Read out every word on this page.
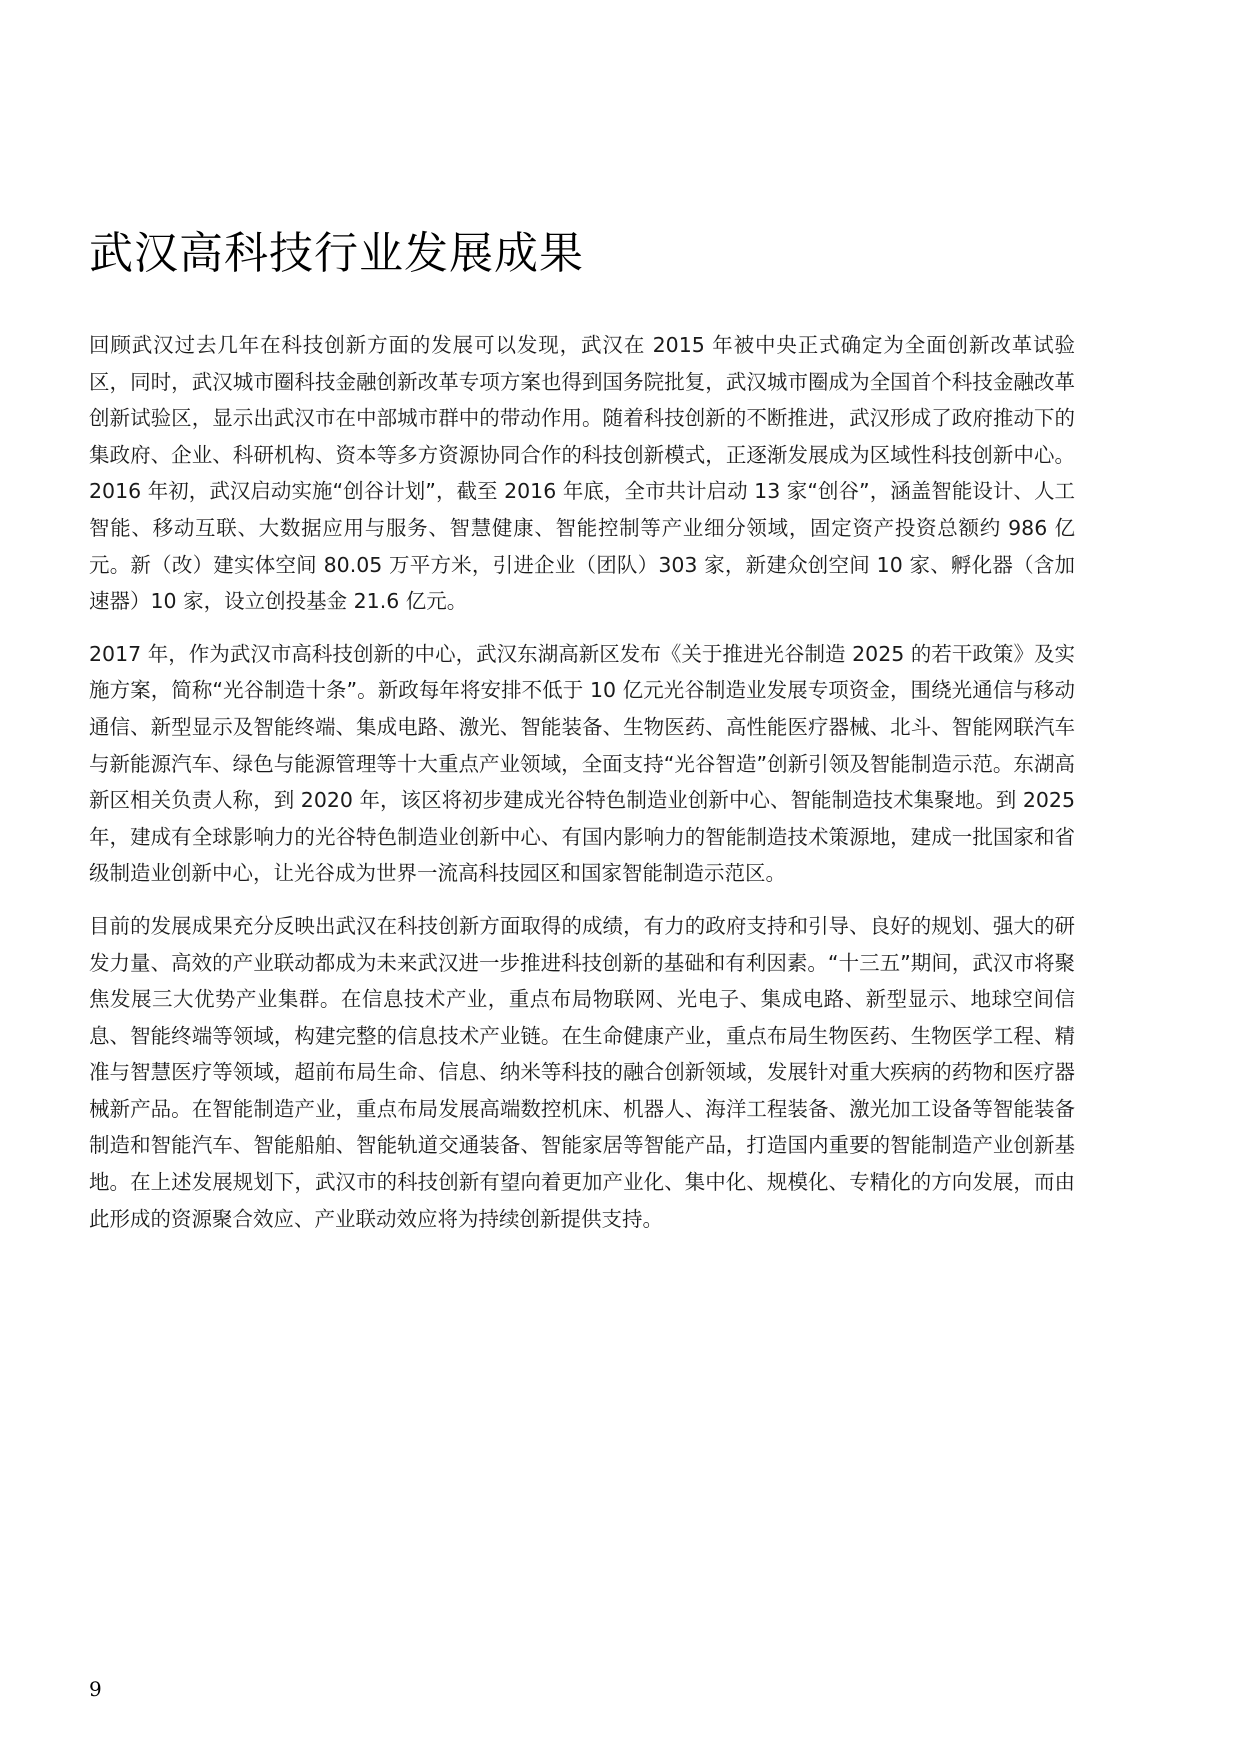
武汉高科技行业发展成果

回顾武汉过去几年在科技创新方面的发展可以发现，武汉在 2015 年被中央正式确定为全面创新改革试验区，同时，武汉城市圈科技金融创新改革专项方案也得到国务院批复，武汉城市圈成为全国首个科技金融改革创新试验区，显示出武汉市在中部城市群中的带动作用。随着科技创新的不断推进，武汉形成了政府推动下的集政府、企业、科研机构、资本等多方资源协同合作的科技创新模式，正逐渐发展成为区域性科技创新中心。2016 年初，武汉启动实施“创谷计划”，截至 2016 年底，全市共计启动 13 家“创谷”，涵盖智能设计、人工智能、移动互联、大数据应用与服务、智慧健康、智能控制等产业细分领域，固定资产投资总额约 986 亿元。新（改）建实体空间 80.05 万平方米，引进企业（团队）303 家，新建众创空间 10 家、孵化器（含加速器）10 家，设立创投基金 21.6 亿元。

2017 年，作为武汉市高科技创新的中心，武汉东湖高新区发布《关于推进光谷制造 2025 的若干政策》及实施方案，简称“光谷制造十条”。新政每年将安排不低于 10 亿元光谷制造业发展专项资金，围绕光通信与移动通信、新型显示及智能终端、集成电路、激光、智能装备、生物医药、高性能医疗器械、北斗、智能网联汽车与新能源汽车、绿色与能源管理等十大重点产业领域，全面支持“光谷智造”创新引领及智能制造示范。东湖高新区相关负责人称，到 2020 年，该区将初步建成光谷特色制造业创新中心、智能制造技术集聚地。到 2025 年，建成有全球影响力的光谷特色制造业创新中心、有国内影响力的智能制造技术策源地，建成一批国家和省级制造业创新中心，让光谷成为世界一流高科技园区和国家智能制造示范区。

目前的发展成果充分反映出武汉在科技创新方面取得的成绩，有力的政府支持和引导、良好的规划、强大的研发力量、高效的产业联动都成为未来武汉进一步推进科技创新的基础和有利因素。“十三五”期间，武汉市将聚焦发展三大优势产业集群。在信息技术产业，重点布局物联网、光电子、集成电路、新型显示、地球空间信息、智能终端等领域，构建完整的信息技术产业链。在生命健康产业，重点布局生物医药、生物医学工程、精准与智慧医疗等领域，超前布局生命、信息、纳米等科技的融合创新领域，发展针对重大疾病的药物和医疗器械新产品。在智能制造产业，重点布局发展高端数控机床、机器人、海洋工程装备、激光加工设备等智能装备制造和智能汽车、智能船舶、智能轨道交通装备、智能家居等智能产品，打造国内重要的智能制造产业创新基地。在上述发展规划下，武汉市的科技创新有望向着更加产业化、集中化、规模化、专精化的方向发展，而由此形成的资源聚合效应、产业联动效应将为持续创新提供支持。

9
